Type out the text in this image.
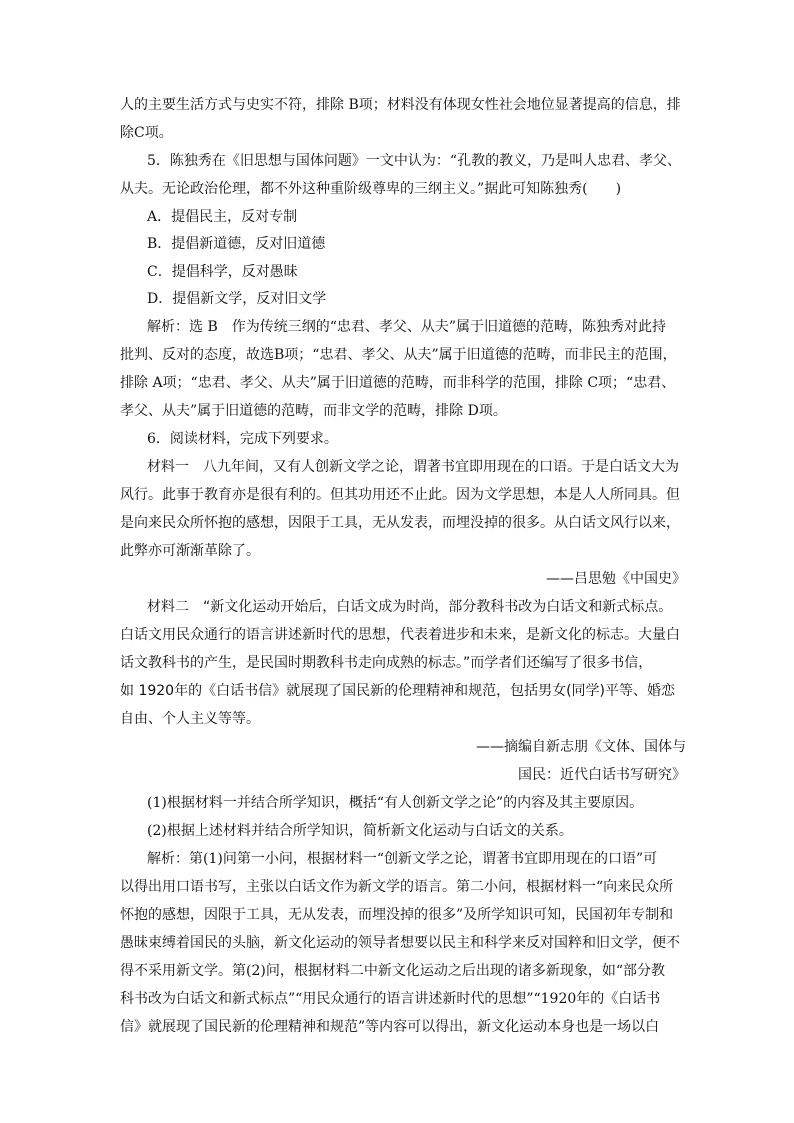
人的主要生活方式与史实不符，排除 B项；材料没有体现女性社会地位显著提高的信息，排
除C项。
5．陈独秀在《旧思想与国体问题》一文中认为：“孔教的教义，乃是叫人忠君、孝父、
从夫。无论政治伦理，都不外这种重阶级尊卑的三纲主义。”据此可知陈独秀(　　)
A．提倡民主，反对专制
B．提倡新道德，反对旧道德
C．提倡科学，反对愚昧
D．提倡新文学，反对旧文学
解析：选 B　作为传统三纲的“忠君、孝父、从夫”属于旧道德的范畴，陈独秀对此持
批判、反对的态度，故选B项；“忠君、孝父、从夫”属于旧道德的范畴，而非民主的范围，
排除 A项；“忠君、孝父、从夫”属于旧道德的范畴，而非科学的范围，排除 C项；“忠君、
孝父、从夫”属于旧道德的范畴，而非文学的范畴，排除 D项。
6．阅读材料，完成下列要求。
材料一　八九年间，又有人创新文学之论，谓著书宜即用现在的口语。于是白话文大为
风行。此事于教育亦是很有利的。但其功用还不止此。因为文学思想，本是人人所同具。但
是向来民众所怀抱的感想，因限于工具，无从发表，而埋没掉的很多。从白话文风行以来，
此弊亦可渐渐革除了。
——吕思勉《中国史》
材料二　“新文化运动开始后，白话文成为时尚，部分教科书改为白话文和新式标点。
白话文用民众通行的语言讲述新时代的思想，代表着进步和未来，是新文化的标志。大量白
话文教科书的产生，是民国时期教科书走向成熟的标志。”而学者们还编写了很多书信，
如 1920年的《白话书信》就展现了国民新的伦理精神和规范，包括男女(同学)平等、婚恋
自由、个人主义等等。
——摘编自新志朋《文体、国体与
国民：近代白话书写研究》
(1)根据材料一并结合所学知识，概括“有人创新文学之论”的内容及其主要原因。
(2)根据上述材料并结合所学知识，简析新文化运动与白话文的关系。
解析：第(1)问第一小问，根据材料一“创新文学之论，谓著书宜即用现在的口语”可
以得出用口语书写，主张以白话文作为新文学的语言。第二小问，根据材料一“向来民众所
怀抱的感想，因限于工具，无从发表，而埋没掉的很多”及所学知识可知，民国初年专制和
愚昧束缚着国民的头脑，新文化运动的领导者想要以民主和科学来反对国粹和旧文学，便不
得不采用新文学。第(2)问，根据材料二中新文化运动之后出现的诸多新现象，如“部分教
科书改为白话文和新式标点”“用民众通行的语言讲述新时代的思想”“1920年的《白话书
信》就展现了国民新的伦理精神和规范”等内容可以得出，新文化运动本身也是一场以白
